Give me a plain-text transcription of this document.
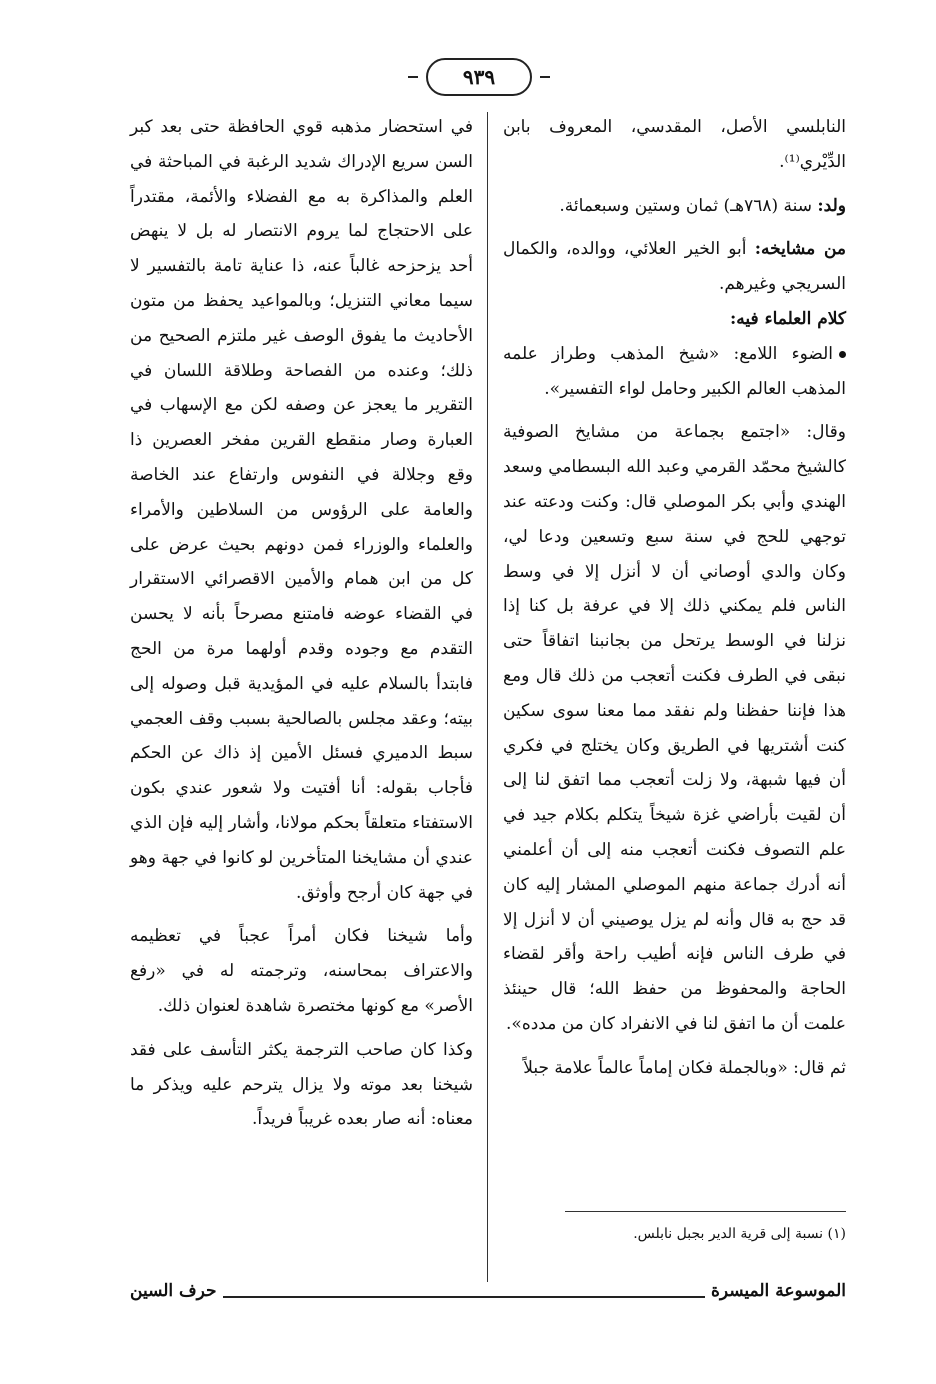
٩٣٩

النابلسي الأصل، المقدسي، المعروف بابن الدِّيْري⁽¹⁾.

ولد: سنة (٧٦٨هـ) ثمان وستين وسبعمائة.

من مشايخه: أبو الخير العلائي، ووالده، والكمال السريجي وغيرهم.

كلام العلماء فيه:

الضوء اللامع: «شيخ المذهب وطراز علمه المذهب العالم الكبير وحامل لواء التفسير».

وقال: «اجتمع بجماعة من مشايخ الصوفية كالشيخ محمّد القرمي وعبد الله البسطامي وسعد الهندي وأبي بكر الموصلي قال: وكنت ودعته عند توجهي للحج في سنة سبع وتسعين ودعا لي، وكان والدي أوصاني أن لا أنزل إلا في وسط الناس فلم يمكني ذلك إلا في عرفة بل كنا إذا نزلنا في الوسط يرتحل من بجانبنا اتفاقاً حتى نبقى في الطرف فكنت أتعجب من ذلك قال ومع هذا فإننا حفظنا ولم نفقد مما معنا سوى سكين كنت أشتريها في الطريق وكان يختلج في فكري أن فيها شبهة، ولا زلت أتعجب مما اتفق لنا إلى أن لقيت بأراضي غزة شيخاً يتكلم بكلام جيد في علم التصوف فكنت أتعجب منه إلى أن أعلمني أنه أدرك جماعة منهم الموصلي المشار إليه كان قد حج به قال وأنه لم يزل يوصيني أن لا أنزل إلا في طرف الناس فإنه أطيب راحة وأقر لقضاء الحاجة والمحفوظ من حفظ الله؛ قال حينئذ علمت أن ما اتفق لنا في الانفراد كان من مدده».

ثم قال: «وبالجملة فكان إماماً عالماً علامة جبلاً

في استحضار مذهبه قوي الحافظة حتى بعد كبر السن سريع الإدراك شديد الرغبة في المباحثة في العلم والمذاكرة به مع الفضلاء والأئمة، مقتدراً على الاحتجاج لما يروم الانتصار له بل لا ينهض أحد يزحزحه غالباً عنه، ذا عناية تامة بالتفسير لا سيما معاني التنزيل؛ وبالمواعيد يحفظ من متون الأحاديث ما يفوق الوصف غير ملتزم الصحيح من ذلك؛ وعنده من الفصاحة وطلاقة اللسان في التقرير ما يعجز عن وصفه لكن مع الإسهاب في العبارة وصار منقطع القرين مفخر العصرين ذا وقع وجلالة في النفوس وارتفاع عند الخاصة والعامة على الرؤوس من السلاطين والأمراء والعلماء والوزراء فمن دونهم بحيث عرض على كل من ابن همام والأمين الاقصرائي الاستقرار في القضاء عوضه فامتنع مصرحاً بأنه لا يحسن التقدم مع وجوده وقدم أولهما مرة من الحج فابتدأ بالسلام عليه في المؤيدية قبل وصوله إلى بيته؛ وعقد مجلس بالصالحية بسبب وقف العجمي سبط الدميري فسئل الأمين إذ ذاك عن الحكم فأجاب بقوله: أنا أفتيت ولا شعور عندي بكون الاستفتاء متعلقاً بحكم مولانا، وأشار إليه فإن الذي عندي أن مشايخنا المتأخرين لو كانوا في جهة وهو في جهة كان أرجح وأوثق.

وأما شيخنا فكان أمراً عجباً في تعظيمه والاعتراف بمحاسنه، وترجمته له في «رفع الأصر» مع كونها مختصرة شاهدة لعنوان ذلك.

وكذا كان صاحب الترجمة يكثر التأسف على فقد شيخنا بعد موته ولا يزال يترحم عليه ويذكر ما معناه: أنه صار بعده غريباً فريداً.

(١) نسبة إلى قرية الدير بجبل نابلس.
الموسوعة الميسرة
حرف السين
